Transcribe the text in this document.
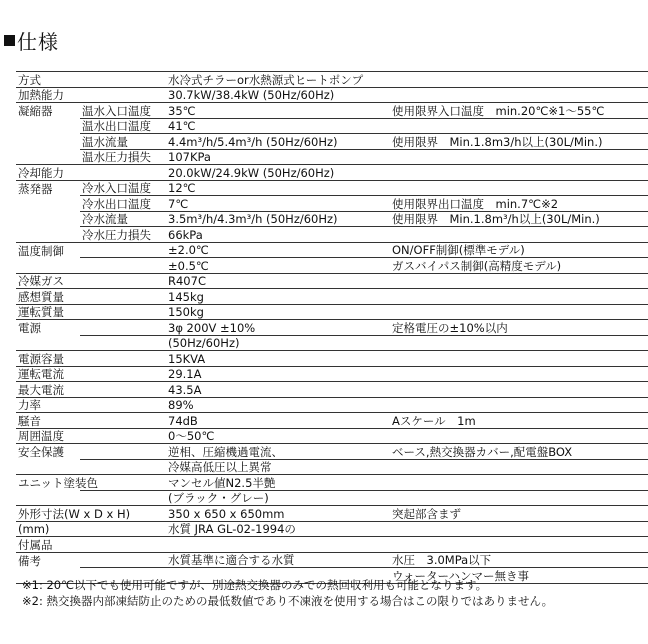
仕様
方式		水冷式チラーor水熱源式ヒートポンプ	
加熱能力		30.7kW/38.4kW (50Hz/60Hz)	
凝縮器	温水入口温度	35℃	使用限界入口温度　min.20℃※1～55℃
	温水出口温度	41℃	
	温水流量	4.4m³/h/5.4m³/h (50Hz/60Hz)	使用限界　Min.1.8m3/h以上(30L/Min.)
	温水圧力損失	107KPa	
冷却能力		20.0kW/24.9kW (50Hz/60Hz)	
蒸発器	冷水入口温度	12℃	
	冷水出口温度	7℃	使用限界出口温度　min.7℃※2
	冷水流量	3.5m³/h/4.3m³/h (50Hz/60Hz)	使用限界　Min.1.8m³/h以上(30L/Min.)
	冷水圧力損失	66kPa	
温度制御		±2.0℃	ON/OFF制御(標準モデル)
		±0.5℃	ガスバイパス制御(高精度モデル)
冷媒ガス		R407C	
感想質量		145kg	
運転質量		150kg	
電源		3φ 200V ±10%	定格電圧の±10%以内
		(50Hz/60Hz)	
電源容量		15KVA	
運転電流		29.1A	
最大電流		43.5A	
力率		89%	
騒音		74dB	Aスケール　1m
周囲温度		0～50℃	
安全保護		逆相、圧縮機過電流、	ベース,熱交換器カバー,配電盤BOX
		冷媒高低圧以上異常	
ユニット塗装色		マンセル値N2.5半艶	
		(ブラック・グレー)	
外形寸法(W x D x H)		350 x 650 x 650mm	突起部含まず
(mm)		水質 JRA GL-02-1994の	
付属品			
備考		水質基準に適合する水質	水圧　3.0MPa以下
			ウォーターハンマー無き事
※1: 20℃以下でも使用可能ですが、別途熱交換器のみでの熱回収利用も可能となります。
※2: 熱交換器内部凍結防止のための最低数値であり不凍液を使用する場合はこの限りではありません。
